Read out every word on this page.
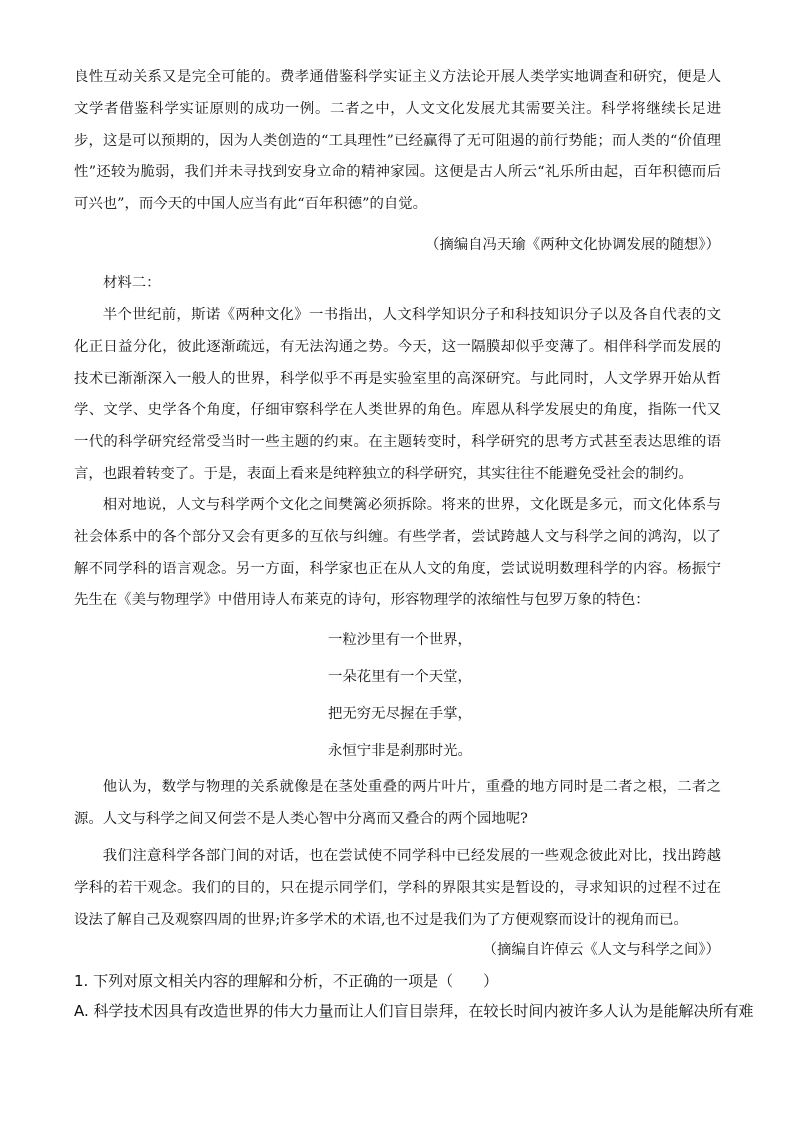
良性互动关系又是完全可能的。费孝通借鉴科学实证主义方法论开展人类学实地调查和研究，便是人文学者借鉴科学实证原则的成功一例。二者之中，人文文化发展尤其需要关注。科学将继续长足进步，这是可以预期的，因为人类创造的“工具理性”已经赢得了无可阻遏的前行势能；而人类的“价值理性”还较为脆弱，我们并未寻找到安身立命的精神家园。这便是古人所云“礼乐所由起，百年积德而后可兴也”，而今天的中国人应当有此“百年积德”的自觉。

（摘编自冯天瑜《两种文化协调发展的随想》）

材料二：

半个世纪前，斯诺《两种文化》一书指出，人文科学知识分子和科技知识分子以及各自代表的文化正日益分化，彼此逐渐疏远，有无法沟通之势。今天，这一隔膜却似乎变薄了。相伴科学而发展的技术已渐渐深入一般人的世界，科学似乎不再是实验室里的高深研究。与此同时，人文学界开始从哲学、文学、史学各个角度，仔细审察科学在人类世界的角色。库恩从科学发展史的角度，指陈一代又一代的科学研究经常受当时一些主题的约束。在主题转变时，科学研究的思考方式甚至表达思维的语言，也跟着转变了。于是，表面上看来是纯粹独立的科学研究，其实往往不能避免受社会的制约。

相对地说，人文与科学两个文化之间樊篱必须拆除。将来的世界，文化既是多元，而文化体系与社会体系中的各个部分又会有更多的互依与纠缠。有些学者，尝试跨越人文与科学之间的鸿沟，以了解不同学科的语言观念。另一方面，科学家也正在从人文的角度，尝试说明数理科学的内容。杨振宁先生在《美与物理学》中借用诗人布莱克的诗句，形容物理学的浓缩性与包罗万象的特色：

一粒沙里有一个世界，

一朵花里有一个天堂，

把无穷无尽握在手掌，

永恒宁非是刹那时光。

他认为，数学与物理的关系就像是在茎处重叠的两片叶片，重叠的地方同时是二者之根，二者之源。人文与科学之间又何尝不是人类心智中分离而又叠合的两个园地呢?

我们注意科学各部门间的对话，也在尝试使不同学科中已经发展的一些观念彼此对比，找出跨越学科的若干观念。我们的目的，只在提示同学们，学科的界限其实是暂设的，寻求知识的过程不过在设法了解自己及观察四周的世界;许多学术的术语,也不过是我们为了方便观察而设计的视角而已。

（摘编自许倬云《人文与科学之间》）

1. 下列对原文相关内容的理解和分析，不正确的一项是（　　）

A. 科学技术因具有改造世界的伟大力量而让人们盲目崇拜，在较长时间内被许多人认为是能解决所有难
